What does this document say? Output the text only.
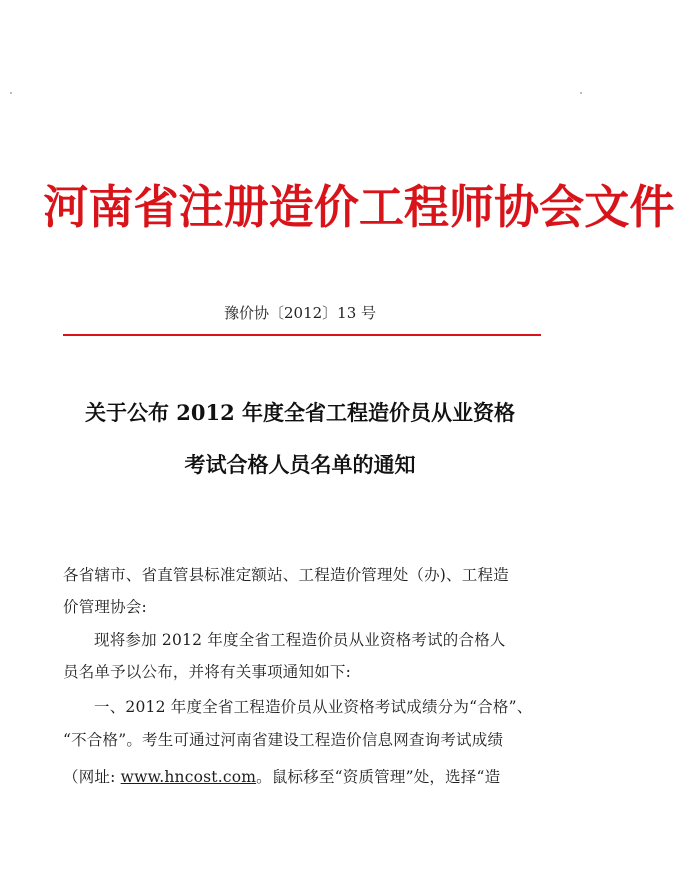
河南省注册造价工程师协会文件
豫价协〔2012〕13 号
关于公布 2012 年度全省工程造价员从业资格
考试合格人员名单的通知
各省辖市、省直管县标准定额站、工程造价管理处（办)、工程造
价管理协会:
现将参加 2012 年度全省工程造价员从业资格考试的合格人
员名单予以公布，并将有关事项通知如下:
一、2012 年度全省工程造价员从业资格考试成绩分为“合格”、
“不合格”。考生可通过河南省建设工程造价信息网查询考试成绩
（网址: www.hncost.com。鼠标移至“资质管理”处，选择“造
